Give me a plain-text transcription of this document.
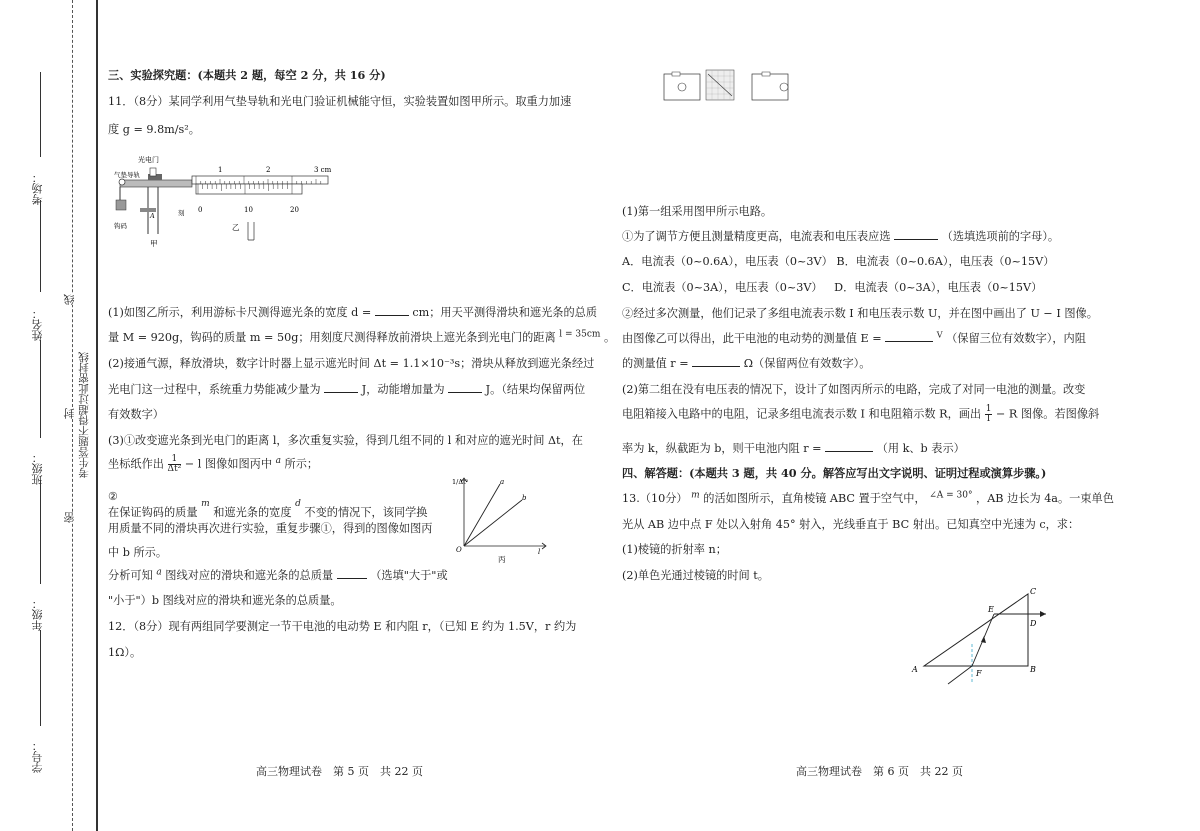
考场：
姓名：
班级：
年级：
学号：
线
封
密
考生答题不得超过此密封线
三、实验探究题：(本题共 2 题，每空 2 分，共 16 分)
11．（8分）某同学利用气垫导轨和光电门验证机械能守恒，实验装置如图甲所示。取重力加速
度 g = 9.8m/s²。
光电门
气垫导轨
钩码
A	刻
甲
1	2	3 cm
0	10	20
乙
(1)如图乙所示，利用游标卡尺测得遮光条的宽度 d =	cm；用天平测得滑块和遮光条的总质
量 M = 920g，钩码的质量 m = 50g；用刻度尺测得释放前滑块上遮光条到光电门的距离 $^{l = 35cm}$ 。
(2)接通气源，释放滑块，数字计时器上显示遮光时间 Δt = 1.1×10⁻³s；滑块从释放到遮光条经过
光电门这一过程中，系统重力势能减少量为	J，动能增加量为	J。（结果均保留两位
有效数字）
(3)①改变遮光条到光电门的距离 l，多次重复实验，得到几组不同的 l 和对应的遮光时间 Δt，在
坐标纸作出 $\frac{1}{\text{Δt²}} - l$ 图像如图丙中 $^a$ 所示；
②
在保证钩码的质量 $^m$ 和遮光条的宽度 $^d$ 不变的情况下，该同学换
用质量不同的滑块再次进行实验，重复步骤①，得到的图像如图丙
中 b 所示。
分析可知 $^a$ 图线对应的滑块和遮光条的总质量	（选填"大于"或
"小于"）b 图线对应的滑块和遮光条的总质量。
1/Δt²
O	l
a
b
丙
12．（8分）现有两组同学要测定一节干电池的电动势 E 和内阻 r，（已知 E 约为 1.5V，r 约为
1Ω）。
高三物理试卷　第 5 页　共 22 页
(1)第一组采用图甲所示电路。
①为了调节方便且测量精度更高，电流表和电压表应选	（选填选项前的字母）。
A．电流表（0~0.6A），电压表（0~3V） B．电流表（0~0.6A），电压表（0~15V）
C．电流表（0~3A），电压表（0~3V） D．电流表（0~3A），电压表（0~15V）
②经过多次测量，他们记录了多组电流表示数 I 和电压表示数 U，并在图中画出了 U − I 图像。
由图像乙可以得出，此干电池的电动势的测量值 E =	$^V$ （保留三位有效数字），内阻
的测量值 r =	Ω（保留两位有效数字）。
(2)第二组在没有电压表的情况下，设计了如图丙所示的电路，完成了对同一电池的测量。改变
电阻箱接入电路中的电阻，记录多组电流表示数 I 和电阻箱示数 R，画出 $\frac{1}{I} - R$ 图像。若图像斜
率为 k，纵截距为 b，则干电池内阻 r =	（用 k、b 表示）
四、解答题：(本题共 3 题，共 40 分。解答应写出文字说明、证明过程或演算步骤。)
13.（10分） $^m$ 的活如图所示，直角棱镜 ABC 置于空气中， $^{\angle A = 30^\circ}$ ，AB 边长为 4a。一束单色
光从 AB 边中点 F 处以入射角 45° 射入，光线垂直于 BC 射出。已知真空中光速为 c，求：
(1)棱镜的折射率 n；
(2)单色光通过棱镜的时间 t。
A	B
C
D
E
F
高三物理试卷　第 6 页　共 22 页
